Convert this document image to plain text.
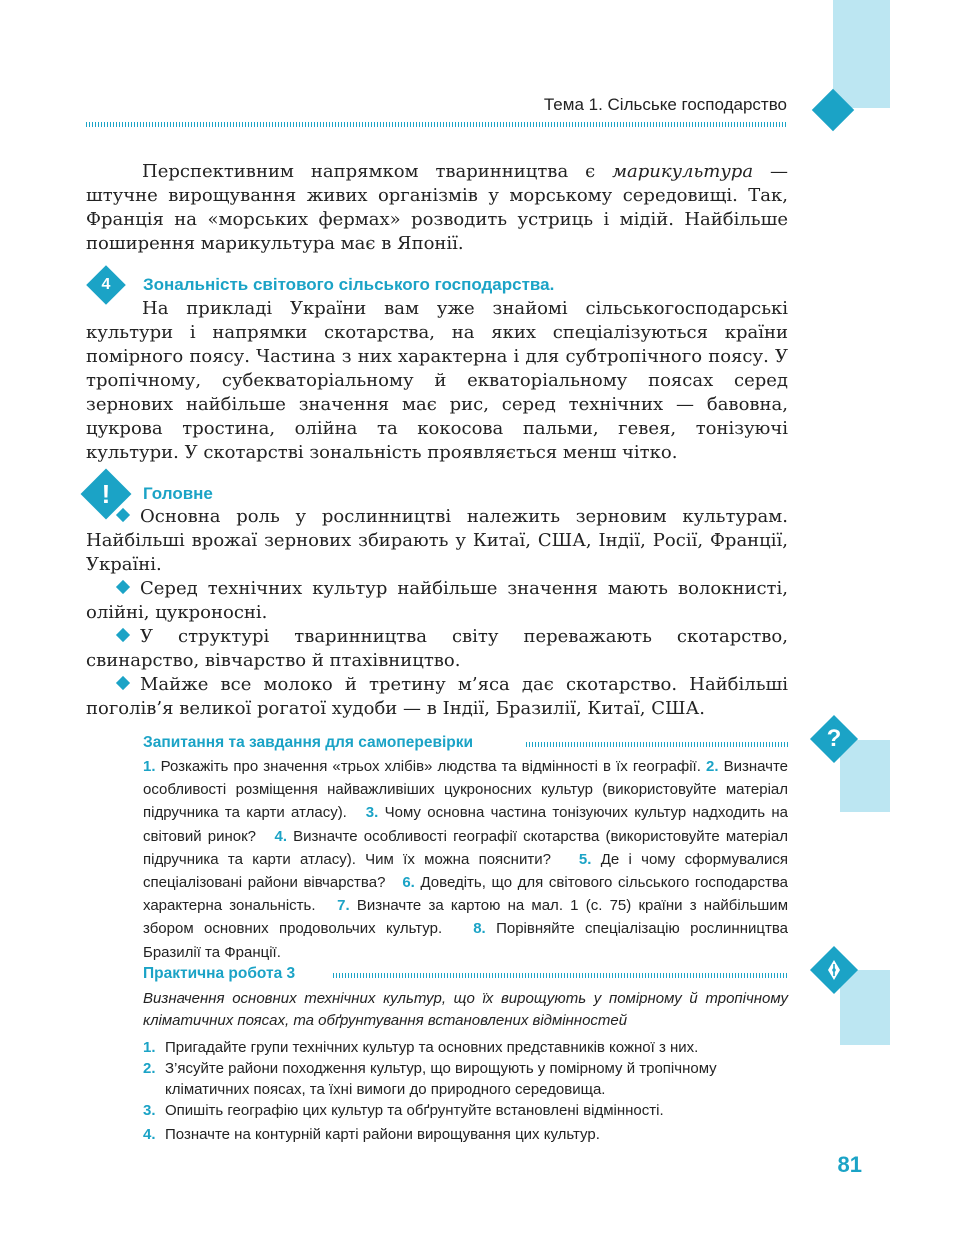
Тема 1. Сільське господарство

Перспективним напрямком тваринництва є марикультура — штучне вирощування живих організмів у морському середовищі. Так, Франція на «морських фермах» розводить устриць і мідій. Найбільше поширення марикультура має в Японії.

4	Зональність світового сільського господарства.

На прикладі України вам уже знайомі сільськогосподарські культури і напрямки скотарства, на яких спеціалізуються країни помірного поясу. Частина з них характерна і для субтропічного поясу. У тропічному, субекваторіальному й екваторіальному поясах серед зернових найбільше значення має рис, серед технічних — бавовна, цукрова тростина, олійна та кокосова пальми, гевея, тонізуючі культури. У скотарстві зональність проявляється менш чітко.

!	Головне

Основна роль у рослинництві належить зерновим культурам. Найбільші врожаї зернових збирають у Китаї, США, Індії, Росії, Франції, Україні.

Серед технічних культур найбільше значення мають волокнисті, олійні, цукроносні.

У структурі тваринництва світу переважають скотарство, свинарство, вівчарство й птахівництво.

Майже все молоко й третину м’яса дає скотарство. Найбільші поголів’я великої рогатої худоби — в Індії, Бразилії, Китаї, США.

Запитання та завдання для самоперевірки	?

1. Розкажіть про значення «трьох хлібів» людства та відмінності в їх географії. 2. Визначте особливості розміщення найважливіших цукроносних культур (використовуйте матеріал підручника та карти атласу). 3. Чому основна частина тонізуючих культур надходить на світовий ринок? 4. Визначте особливості географії скотарства (використовуйте матеріал підручника та карти атласу). Чим їх можна пояснити? 5. Де і чому сформувалися спеціалізовані райони вівчарства? 6. Доведіть, що для світового сільського господарства характерна зональність. 7. Визначте за картою на мал. 1 (с. 75) країни з найбільшим збором основних продовольчих культур. 8. Порівняйте спеціалізацію рослинництва Бразилії та Франції.

Практична робота 3

Визначення основних технічних культур, що їх вирощують у помірному й тропічному кліматичних поясах, та обґрунтування встановлених відмінностей

1. Пригадайте групи технічних культур та основних представників кожної з них.
2. З’ясуйте райони походження культур, що вирощують у помірному й тропічному кліматичних поясах, та їхні вимоги до природного середовища.
3. Опишіть географію цих культур та обґрунтуйте встановлені відмінності.
4. Позначте на контурній карті райони вирощування цих культур.
81
